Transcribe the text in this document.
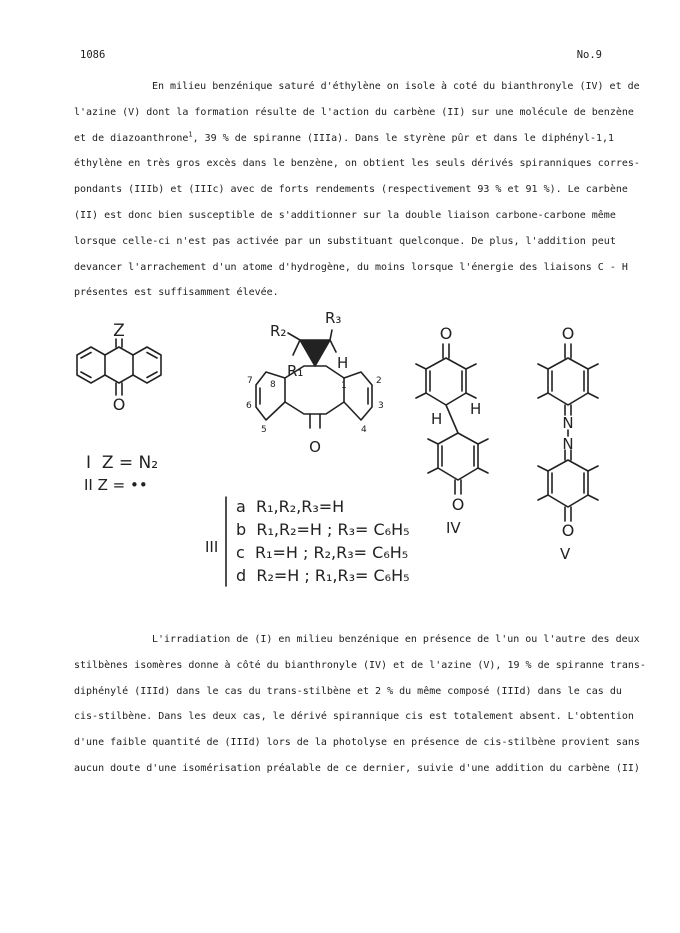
1086	No.9
En milieu benzénique saturé d'éthylène on isole à coté du bianthronyle (IV) et de
l'azine (V) dont la formation résulte de l'action du carbène (II) sur une molécule de benzène
et de diazoanthrone$^1$, 39 % de spiranne (IIIa). Dans le styrène pûr et dans le diphényl-1,1
éthylène en très gros excès dans le benzène, on obtient les seuls dérivés spiranniques corres-
pondants (IIIb) et (IIIc) avec de forts rendements (respectivement 93 % et 91 %). Le carbène
(II) est donc bien susceptible de s'additionner sur la double liaison carbone-carbone même
lorsque celle-ci n'est pas activée par un substituant quelconque. De plus, l'addition peut
devancer l'arrachement d'un atome d'hydrogène, du moins lorsque l'énergie des liaisons C - H
présentes est suffisamment élevée.
Z
O
I  Z = N₂
II Z = ••
R₂
R₃
R₁ H
O
1	2
3
4
5
6
7 8
III
a  R₁,R₂,R₃=H
b  R₁,R₂=H ; R₃= C₆H₅
c  R₁=H ; R₂,R₃= C₆H₅
d  R₂=H ; R₁,R₃= C₆H₅
O
O
H
H
IV
O
N
N
O
V
L'irradiation de (I) en milieu benzénique en présence de l'un ou l'autre des deux
stilbènes isomères donne à côté du bianthronyle (IV) et de l'azine (V), 19 % de spiranne trans-
diphénylé (IIId) dans le cas du trans-stilbène et 2 % du même composé (IIId) dans le cas du
cis-stilbène. Dans les deux cas, le dérivé spirannique cis est totalement absent. L'obtention
d'une faible quantité de (IIId) lors de la photolyse en présence de cis-stilbène provient sans
aucun doute d'une isomérisation préalable de ce dernier, suivie d'une addition du carbène (II)
